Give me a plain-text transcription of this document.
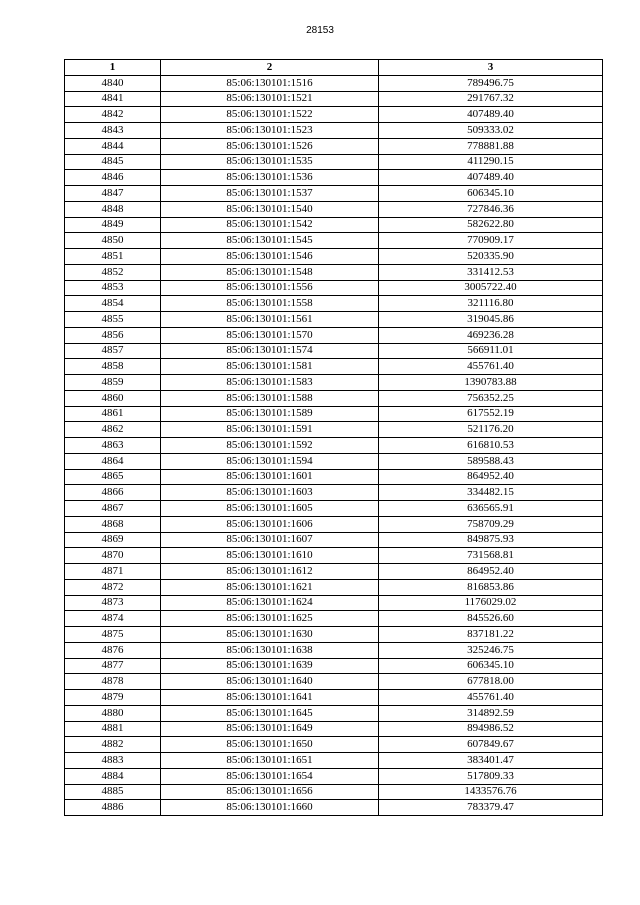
28153
1	2	3
4840	85:06:130101:1516	789496.75
4841	85:06:130101:1521	291767.32
4842	85:06:130101:1522	407489.40
4843	85:06:130101:1523	509333.02
4844	85:06:130101:1526	778881.88
4845	85:06:130101:1535	411290.15
4846	85:06:130101:1536	407489.40
4847	85:06:130101:1537	606345.10
4848	85:06:130101:1540	727846.36
4849	85:06:130101:1542	582622.80
4850	85:06:130101:1545	770909.17
4851	85:06:130101:1546	520335.90
4852	85:06:130101:1548	331412.53
4853	85:06:130101:1556	3005722.40
4854	85:06:130101:1558	321116.80
4855	85:06:130101:1561	319045.86
4856	85:06:130101:1570	469236.28
4857	85:06:130101:1574	566911.01
4858	85:06:130101:1581	455761.40
4859	85:06:130101:1583	1390783.88
4860	85:06:130101:1588	756352.25
4861	85:06:130101:1589	617552.19
4862	85:06:130101:1591	521176.20
4863	85:06:130101:1592	616810.53
4864	85:06:130101:1594	589588.43
4865	85:06:130101:1601	864952.40
4866	85:06:130101:1603	334482.15
4867	85:06:130101:1605	636565.91
4868	85:06:130101:1606	758709.29
4869	85:06:130101:1607	849875.93
4870	85:06:130101:1610	731568.81
4871	85:06:130101:1612	864952.40
4872	85:06:130101:1621	816853.86
4873	85:06:130101:1624	1176029.02
4874	85:06:130101:1625	845526.60
4875	85:06:130101:1630	837181.22
4876	85:06:130101:1638	325246.75
4877	85:06:130101:1639	606345.10
4878	85:06:130101:1640	677818.00
4879	85:06:130101:1641	455761.40
4880	85:06:130101:1645	314892.59
4881	85:06:130101:1649	894986.52
4882	85:06:130101:1650	607849.67
4883	85:06:130101:1651	383401.47
4884	85:06:130101:1654	517809.33
4885	85:06:130101:1656	1433576.76
4886	85:06:130101:1660	783379.47
